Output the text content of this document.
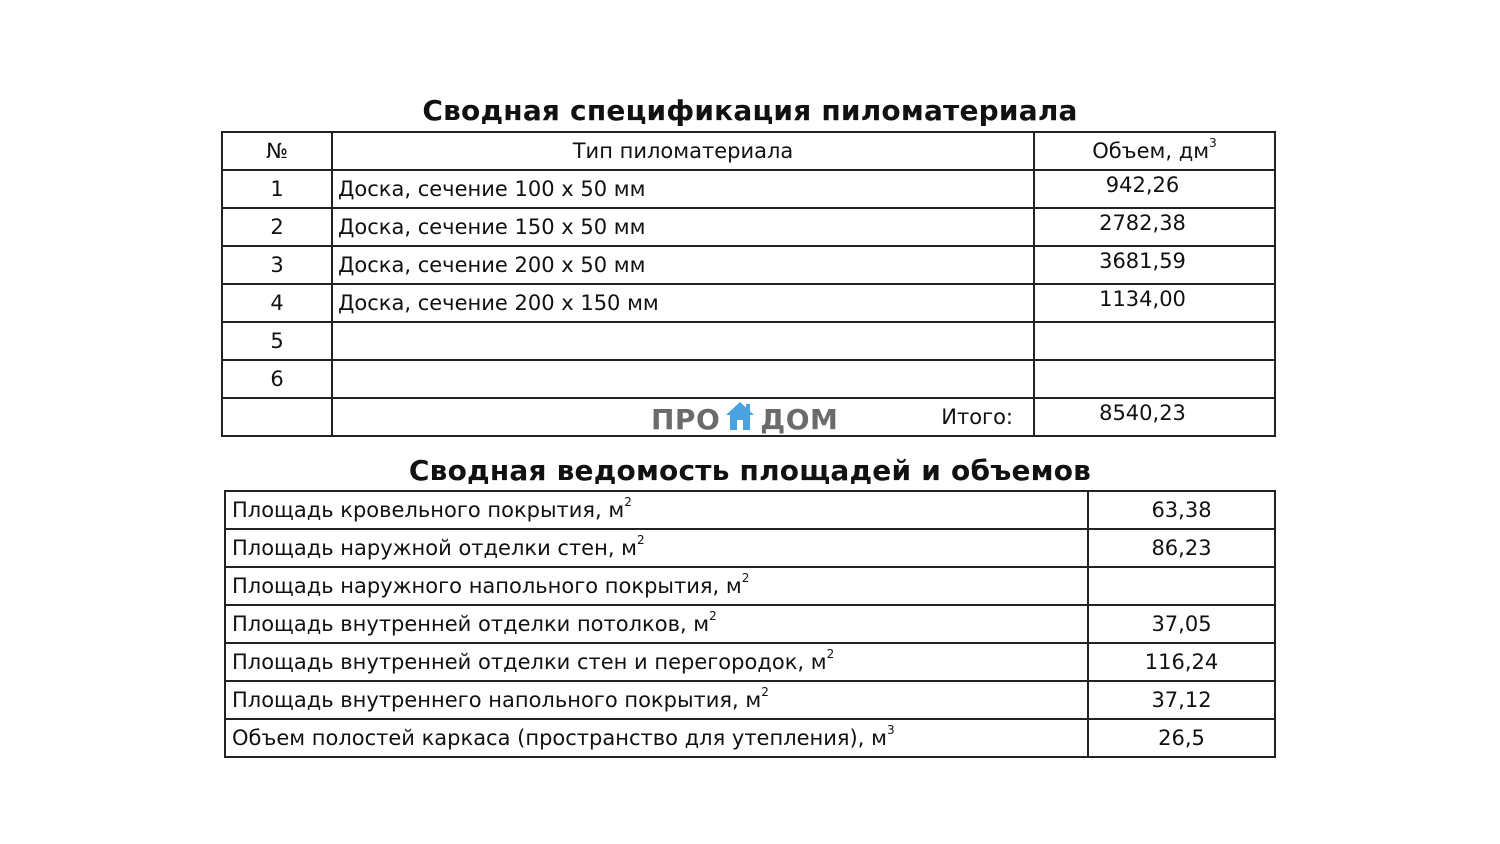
Сводная спецификация пиломатериала
№	Тип пиломатериала	Объем, $дм^3$
1	Доска, сечение 100 х 50 мм	942,26
2	Доска, сечение 150 х 50 мм	2782,38
3	Доска, сечение 200 х 50 мм	3681,59
4	Доска, сечение 200 х 150 мм	1134,00
5		
6		

	ПРО ДОМ Итого:	8540,23
Сводная ведомость площадей и объемов
Площадь кровельного покрытия, $м^2$	63,38
Площадь наружной отделки стен, $м^2$	86,23
Площадь наружного напольного покрытия, $м^2$	
Площадь внутренней отделки потолков, $м^2$	37,05
Площадь внутренней отделки стен и перегородок, $м^2$	116,24
Площадь внутреннего напольного покрытия, $м^2$	37,12
Объем полостей каркаса (пространство для утепления), $м^3$	26,5
